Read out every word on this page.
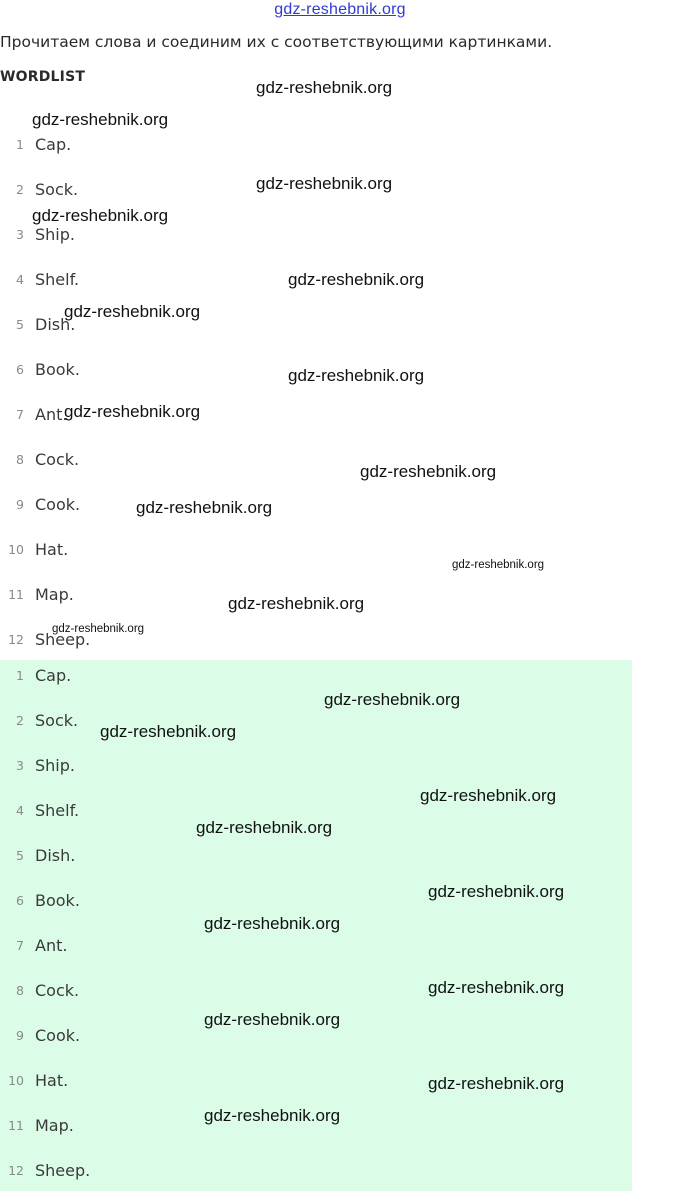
gdz-reshebnik.org
Прочитаем слова и соединим их с соответствующими картинками.
WORDLIST
1 Cap.
2 Sock.
3 Ship.
4 Shelf.
5 Dish.
6 Book.
7 Ant.
8 Cock.
9 Cook.
10 Hat.
11 Map.
12 Sheep.
1 Cap.
2 Sock.
3 Ship.
4 Shelf.
5 Dish.
6 Book.
7 Ant.
8 Cock.
9 Cook.
10 Hat.
11 Map.
12 Sheep.
gdz-reshebnik.org
gdz-reshebnik.org
gdz-reshebnik.org
gdz-reshebnik.org
gdz-reshebnik.org
gdz-reshebnik.org
gdz-reshebnik.org
gdz-reshebnik.org
gdz-reshebnik.org
gdz-reshebnik.org
gdz-reshebnik.org
gdz-reshebnik.org
gdz-reshebnik.org
gdz-reshebnik.org
gdz-reshebnik.org
gdz-reshebnik.org
gdz-reshebnik.org
gdz-reshebnik.org
gdz-reshebnik.org
gdz-reshebnik.org
gdz-reshebnik.org
gdz-reshebnik.org
gdz-reshebnik.org
